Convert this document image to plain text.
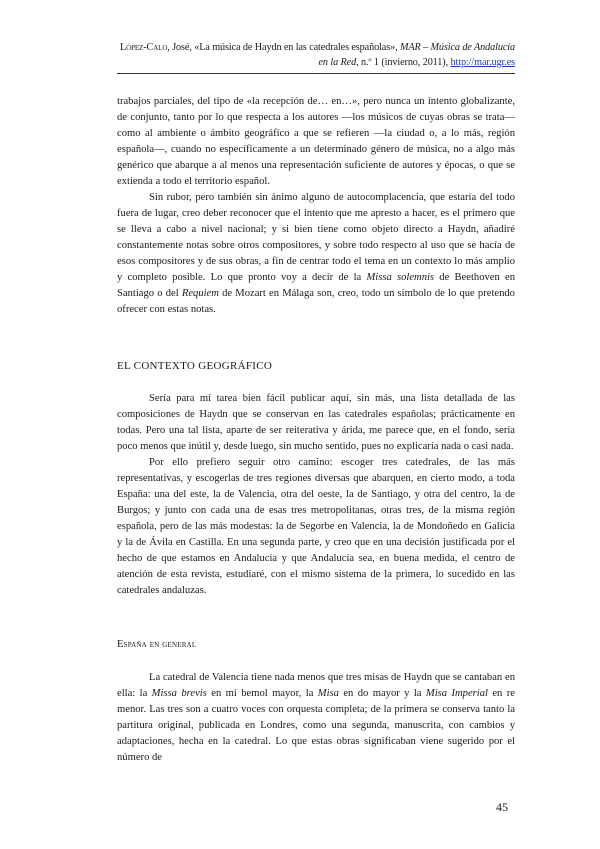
López-Calo, José, «La música de Haydn en las catedrales españolas», MAR – Música de Andalucía en la Red, n.º 1 (invierno, 2011), http://mar.ugr.es

trabajos parciales, del tipo de «la recepción de… en…», pero nunca un intento globalizante, de conjunto, tanto por lo que respecta a los autores —los músicos de cuyas obras se trata— como al ambiente o ámbito geográfico a que se refieren —la ciudad o, a lo más, región española—, cuando no específicamente a un determinado género de música, no a algo más genérico que abarque a al menos una representación suficiente de autores y épocas, o que se extienda a todo el territorio español.

Sin rubor, pero también sin ánimo alguno de autocomplacencia, que estaría del todo fuera de lugar, creo deber reconocer que el intento que me apresto a hacer, es el primero que se lleva a cabo a nivel nacional; y si bien tiene como objeto directo a Haydn, añadiré constantemente notas sobre otros compositores, y sobre todo respecto al uso que se hacía de esos compositores y de sus obras, a fin de centrar todo el tema en un contexto lo más amplio y completo posible. Lo que pronto voy a decir de la Missa solemnis de Beethoven en Santiago o del Requiem de Mozart en Málaga son, creo, todo un símbolo de lo que pretendo ofrecer con estas notas.

EL CONTEXTO GEOGRÁFICO

Sería para mí tarea bien fácil publicar aquí, sin más, una lista detallada de las composiciones de Haydn que se conservan en las catedrales españolas; prácticamente en todas. Pero una tal lista, aparte de ser reiterativa y árida, me parece que, en el fondo, sería poco menos que inútil y, desde luego, sin mucho sentido, pues no explicaría nada o casi nada.

Por ello prefiero seguir otro camino: escoger tres catedrales, de las más representativas, y escogerlas de tres regiones diversas que abarquen, en cierto modo, a toda España: una del este, la de Valencia, otra del oeste, la de Santiago, y otra del centro, la de Burgos; y junto con cada una de esas tres metropolitanas, otras tres, de la misma región española, pero de las más modestas: la de Segorbe en Valencia, la de Mondoñedo en Galicia y la de Ávila en Castilla. En una segunda parte, y creo que en una decisión justificada por el hecho de que estamos en Andalucía y que Andalucía sea, en buena medida, el centro de atención de esta revista, estudiaré, con el mismo sistema de la primera, lo sucedido en las catedrales andaluzas.

España en general

La catedral de Valencia tiene nada menos que tres misas de Haydn que se cantaban en ella: la Missa brevis en mi bemol mayor, la Misa en do mayor y la Misa Imperial en re menor. Las tres son a cuatro voces con orquesta completa; de la primera se conserva tanto la partitura original, publicada en Londres, como una segunda, manuscrita, con cambios y adaptaciones, hecha en la catedral. Lo que estas obras significaban viene sugerido por el número de

45
